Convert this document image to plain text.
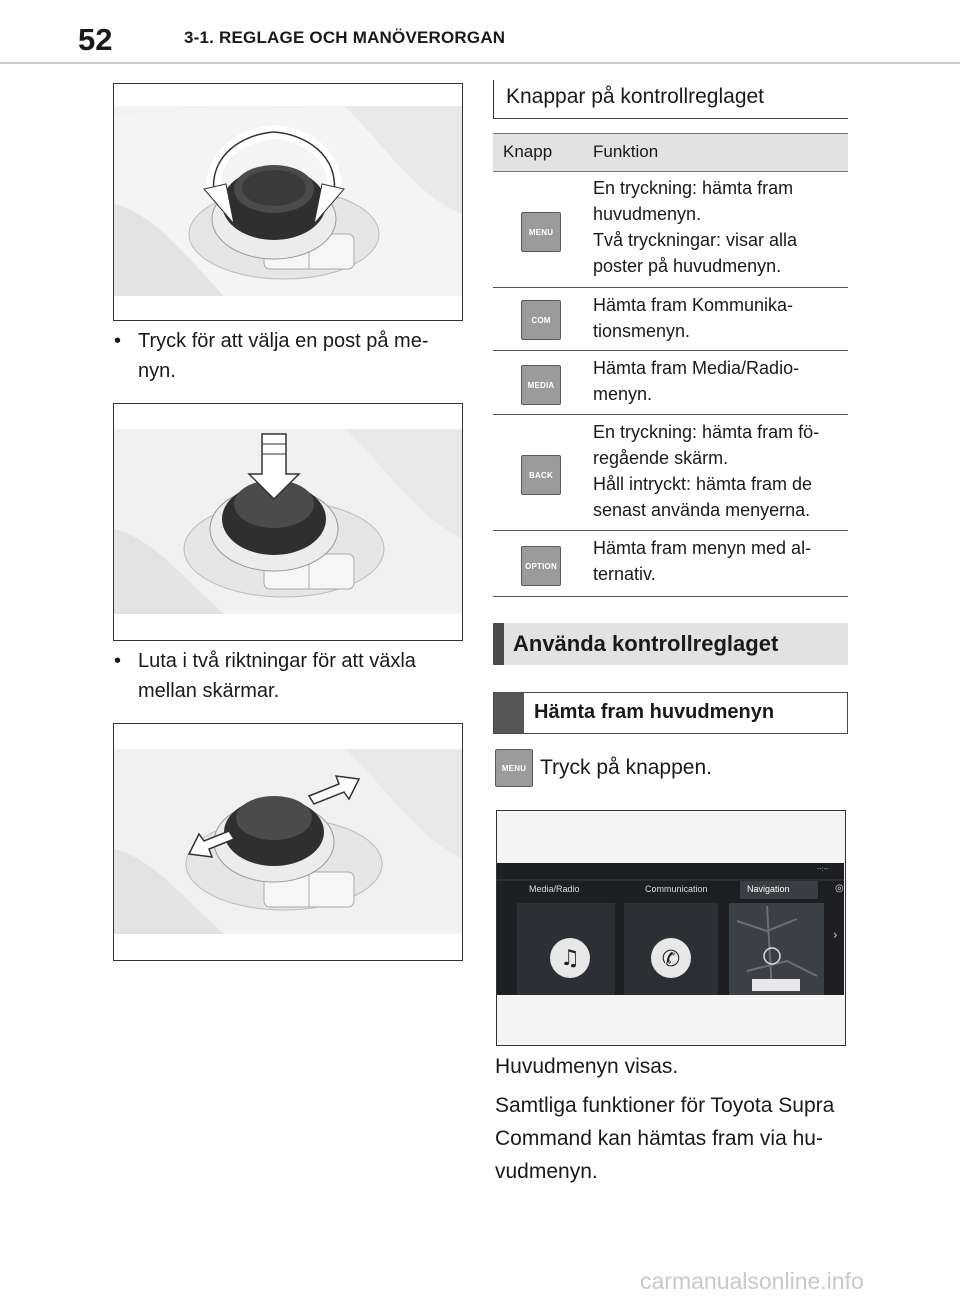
52	3-1. REGLAGE OCH MANÖVERORGAN
• Tryck för att välja en post på me-nyn.
• Luta i två riktningar för att växla mellan skärmar.
Knappar på kontrollreglaget
Knapp Funktion
MENU
En tryckning: hämta fram
huvudmenyn.
Två tryckningar: visar alla
poster på huvudmenyn.
COM
Hämta fram Kommunika-
tionsmenyn.
MEDIA
Hämta fram Media/Radio-
menyn.
BACK
En tryckning: hämta fram fö-
regående skärm.
Håll intryckt: hämta fram de
senast använda menyerna.
OPTION
Hämta fram menyn med al-
ternativ.
Använda kontrollreglaget
Hämta fram huvudmenyn
MENU Tryck på knappen.
♫	✆
›
Media/Radio	Communication	Navigation
--:--
◎
Huvudmenyn visas.
Samtliga funktioner för Toyota Supra
Command kan hämtas fram via hu-
vudmenyn.
carmanualsonline.info
